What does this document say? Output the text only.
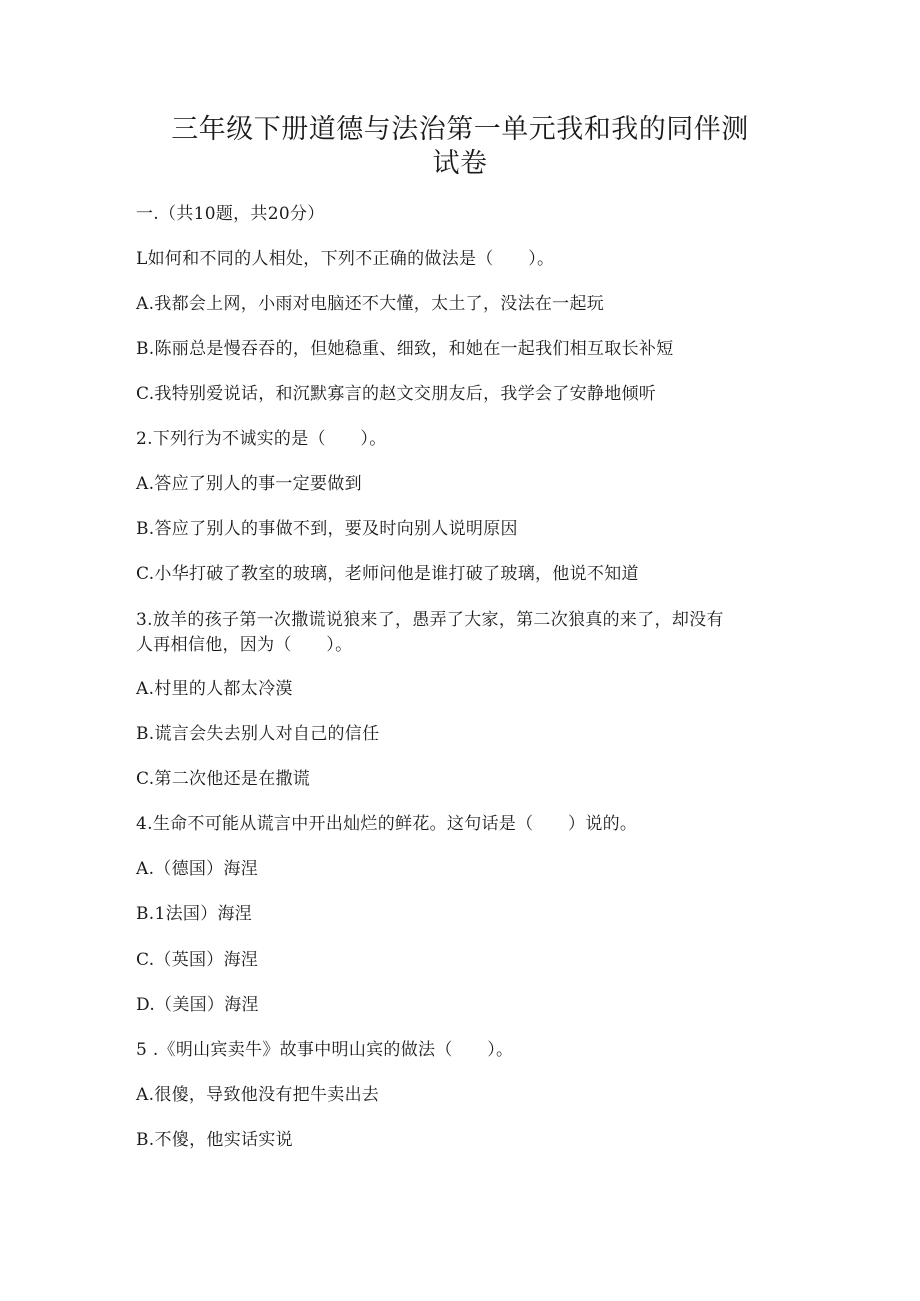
三年级下册道德与法治第一单元我和我的同伴测
试卷
一.（共10题，共20分）
L如何和不同的人相处，下列不正确的做法是（　　）。
A.我都会上网，小雨对电脑还不大懂，太土了，没法在一起玩
B.陈丽总是慢吞吞的，但她稳重、细致，和她在一起我们相互取长补短
C.我特别爱说话，和沉默寡言的赵文交朋友后，我学会了安静地倾听
2.下列行为不诚实的是（　　）。
A.答应了别人的事一定要做到
B.答应了别人的事做不到，要及时向别人说明原因
C.小华打破了教室的玻璃，老师问他是谁打破了玻璃，他说不知道
3.放羊的孩子第一次撒谎说狼来了，愚弄了大家，第二次狼真的来了，却没有
人再相信他，因为（　　）。
A.村里的人都太冷漠
B.谎言会失去别人对自己的信任
C.第二次他还是在撒谎
4.生命不可能从谎言中开出灿烂的鲜花。这句话是（　　）说的。
A.（德国）海涅
B.1法国）海涅
C.（英国）海涅
D.（美国）海涅
5 .《明山宾卖牛》故事中明山宾的做法（　　）。
A.很傻，导致他没有把牛卖出去
B.不傻，他实话实说
